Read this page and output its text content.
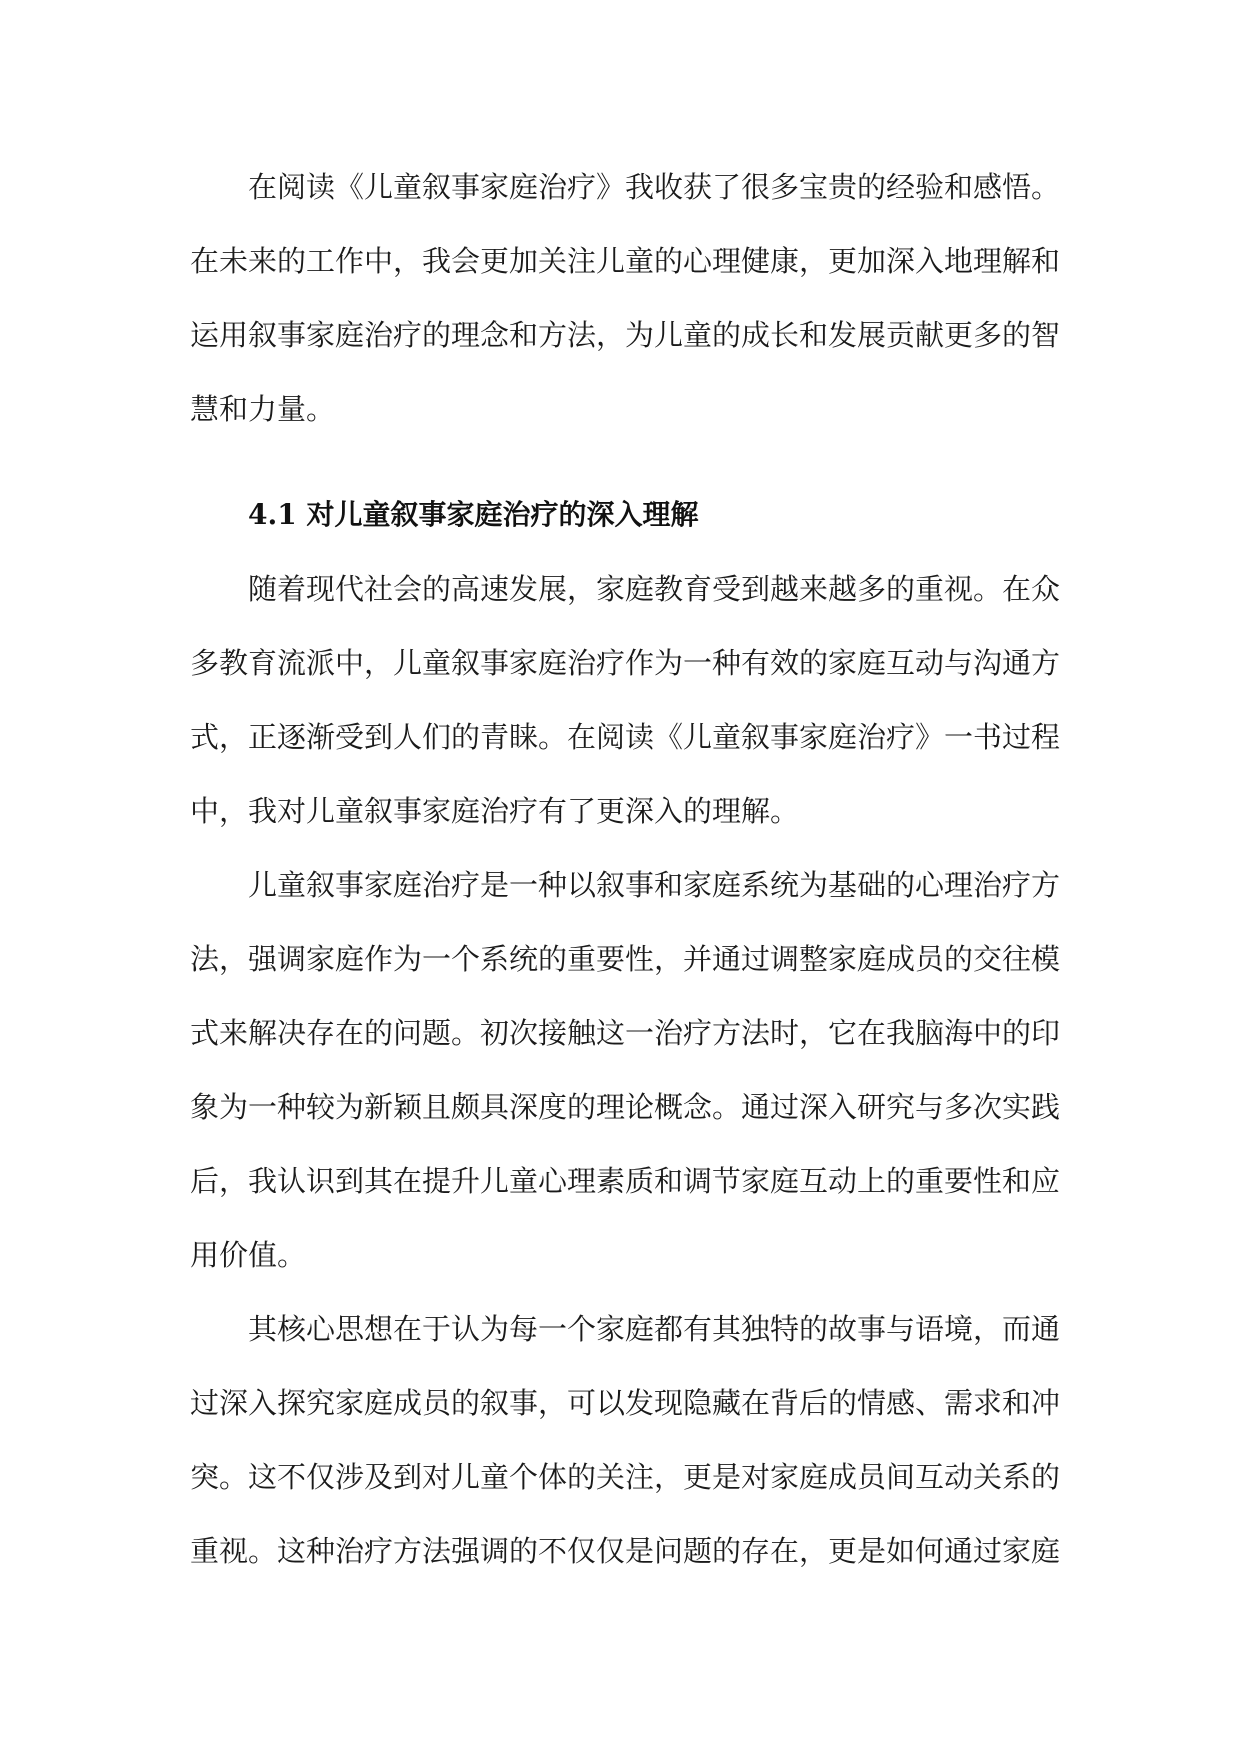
在阅读《儿童叙事家庭治疗》我收获了很多宝贵的经验和感悟。在未来的工作中，我会更加关注儿童的心理健康，更加深入地理解和运用叙事家庭治疗的理念和方法，为儿童的成长和发展贡献更多的智慧和力量。

4.1 对儿童叙事家庭治疗的深入理解

随着现代社会的高速发展，家庭教育受到越来越多的重视。在众多教育流派中，儿童叙事家庭治疗作为一种有效的家庭互动与沟通方式，正逐渐受到人们的青睐。在阅读《儿童叙事家庭治疗》一书过程中，我对儿童叙事家庭治疗有了更深入的理解。

儿童叙事家庭治疗是一种以叙事和家庭系统为基础的心理治疗方法，强调家庭作为一个系统的重要性，并通过调整家庭成员的交往模式来解决存在的问题。初次接触这一治疗方法时，它在我脑海中的印象为一种较为新颖且颇具深度的理论概念。通过深入研究与多次实践后，我认识到其在提升儿童心理素质和调节家庭互动上的重要性和应用价值。

其核心思想在于认为每一个家庭都有其独特的故事与语境，而通过深入探究家庭成员的叙事，可以发现隐藏在背后的情感、需求和冲突。这不仅涉及到对儿童个体的关注，更是对家庭成员间互动关系的重视。这种治疗方法强调的不仅仅是问题的存在，更是如何通过家庭
